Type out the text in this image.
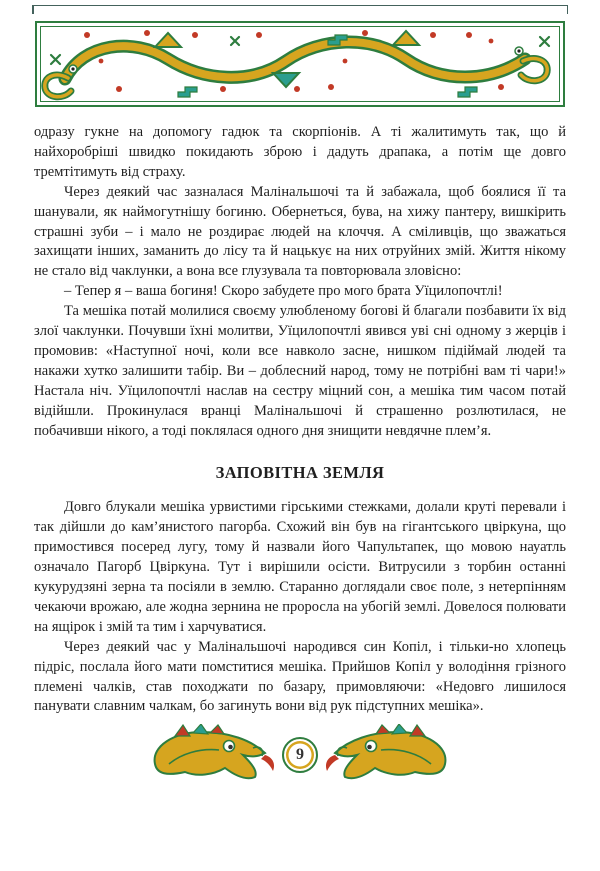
одразу гукне на допомогу гадюк та скорпіонів. А ті жалитимуть так, що й найхоробріші швидко покидають зброю і дадуть драпака, а потім ще довго тремтітимуть від страху.

Через деякий час зазналася Малінальшочі та й забажала, щоб боялися її та шанували, як наймогутнішу богиню. Обернеться, бува, на хижу пантеру, вишкірить страшні зуби – і мало не роздирає людей на клоччя. А сміливців, що зважаться захищати інших, заманить до лісу та й нацькує на них отруйних змій. Життя нікому не стало від чаклунки, а вона все глузувала та повторювала зловісно:

– Тепер я – ваша богиня! Скоро забудете про мого брата Уїцилопочтлі!

Та мешіка потай молилися своєму улюбленому богові й благали позбавити їх від злої чаклунки. Почувши їхні молитви, Уїцилопочтлі явився уві сні одному з жерців і промовив: «Наступної ночі, коли все навколо засне, нишком підіймай людей та накажи хутко залишити табір. Ви – доблесний народ, тому не потрібні вам ті чари!» Настала ніч. Уїцилопочтлі наслав на сестру міцний сон, а мешіка тим часом потай відійшли. Прокинулася вранці Малінальшочі й страшенно розлютилася, не побачивши нікого, а тоді поклялася одного дня знищити невдячне плем’я.

ЗАПОВІТНА ЗЕМЛЯ

Довго блукали мешіка урвистими гірськими стежками, долали круті перевали і так дійшли до кам’янистого пагорба. Схожий він був на гігантського цвіркуна, що примостився посеред лугу, тому й назвали його Чапультапек, що мовою науатль означало Пагорб Цвіркуна. Тут і вирішили осісти. Витрусили з торбин останні кукурудзяні зерна та посіяли в землю. Старанно доглядали своє поле, з нетерпінням чекаючи врожаю, але жодна зернина не проросла на убогій землі. Довелося полювати на ящірок і змій та тим і харчуватися.

Через деякий час у Малінальшочі народився син Копіл, і тільки-но хлопець підріс, послала його мати помститися мешіка. Прийшов Копіл у володіння грізного племені чалків, став походжати по базару, примовляючи: «Недовго лишилося панувати славним чалкам, бо загинуть вони від рук підступних мешіка».

9
